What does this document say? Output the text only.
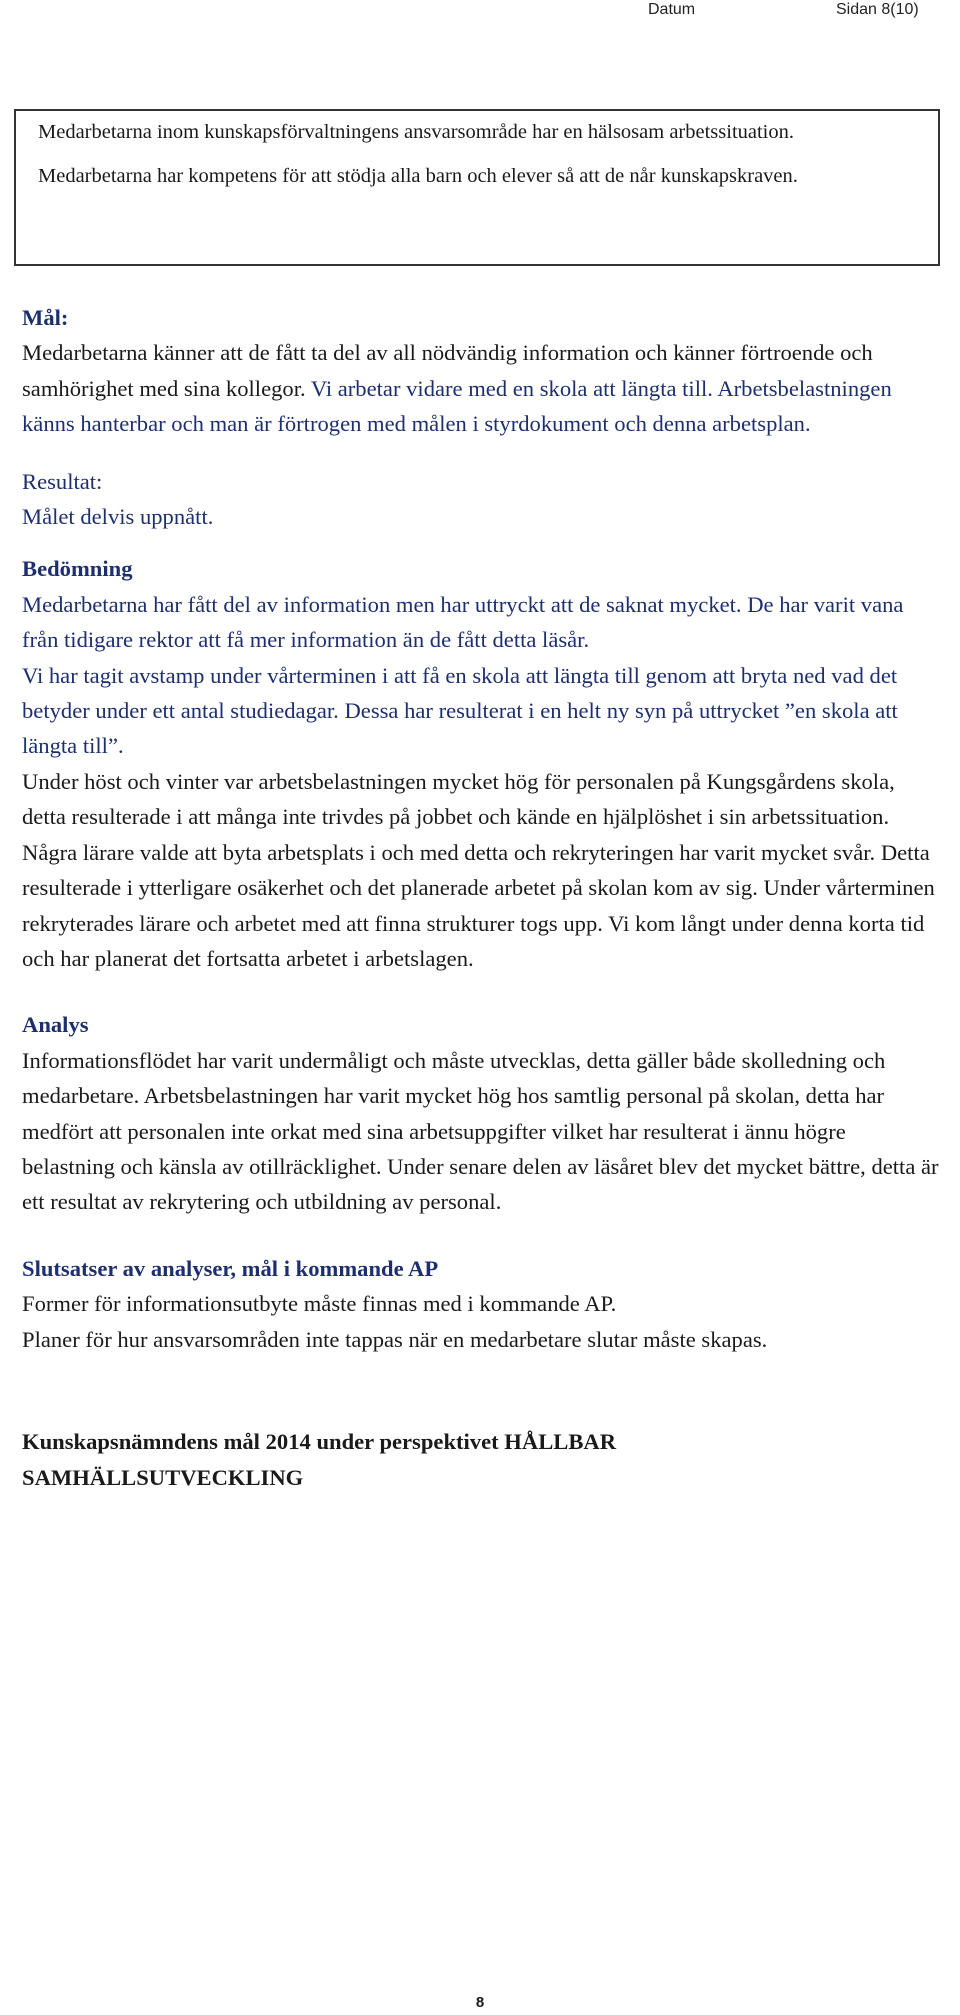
Datum	Sidan 8(10)

Medarbetarna inom kunskapsförvaltningens ansvarsområde har en hälsosam arbetssituation.

Medarbetarna har kompetens för att stödja alla barn och elever så att de når kunskapskraven.

Mål:

Medarbetarna känner att de fått ta del av all nödvändig information och känner förtroende och samhörighet med sina kollegor. Vi arbetar vidare med en skola att längta till. Arbetsbelastningen känns hanterbar och man är förtrogen med målen i styrdokument och denna arbetsplan.

Resultat:

Målet delvis uppnått.

Bedömning

Medarbetarna har fått del av information men har uttryckt att de saknat mycket. De har varit vana från tidigare rektor att få mer information än de fått detta läsår.

Vi har tagit avstamp under vårterminen i att få en skola att längta till genom att bryta ned vad det betyder under ett antal studiedagar. Dessa har resulterat i en helt ny syn på uttrycket ”en skola att längta till”.

Under höst och vinter var arbetsbelastningen mycket hög för personalen på Kungsgårdens skola, detta resulterade i att många inte trivdes på jobbet och kände en hjälplöshet i sin arbetssituation. Några lärare valde att byta arbetsplats i och med detta och rekryteringen har varit mycket svår. Detta resulterade i ytterligare osäkerhet och det planerade arbetet på skolan kom av sig. Under vårterminen rekryterades lärare och arbetet med att finna strukturer togs upp. Vi kom långt under denna korta tid och har planerat det fortsatta arbetet i arbetslagen.

Analys

Informationsflödet har varit undermåligt och måste utvecklas, detta gäller både skolledning och medarbetare. Arbetsbelastningen har varit mycket hög hos samtlig personal på skolan, detta har medfört att personalen inte orkat med sina arbetsuppgifter vilket har resulterat i ännu högre belastning och känsla av otillräcklighet. Under senare delen av läsåret blev det mycket bättre, detta är ett resultat av rekrytering och utbildning av personal.

Slutsatser av analyser, mål i kommande AP

Former för informationsutbyte måste finnas med i kommande AP.

Planer för hur ansvarsområden inte tappas när en medarbetare slutar måste skapas.

Kunskapsnämndens mål 2014 under perspektivet HÅLLBAR

SAMHÄLLSUTVECKLING

8
